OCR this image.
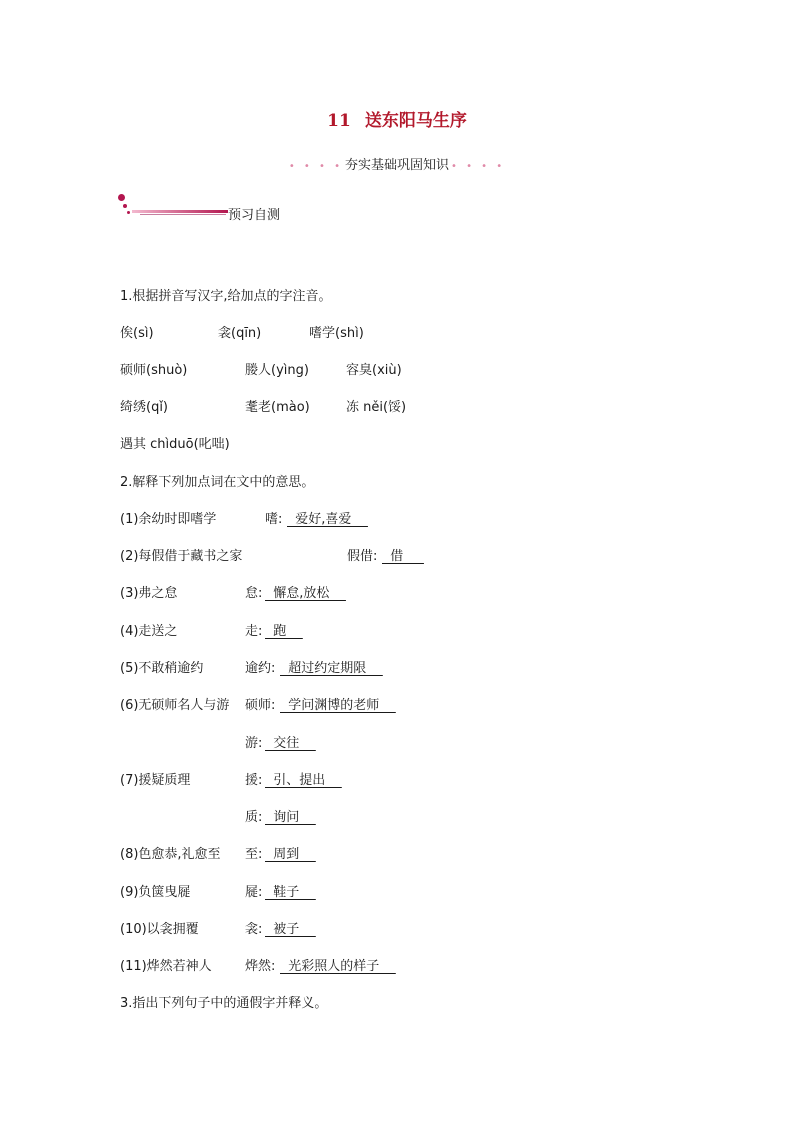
11 送东阳马生序
• • • • 夯实基础巩固知识 • • • •
预习自测
1.根据拼音写汉字,给加点的字注音。
俟(sì)	衾(qīn)	嗜学(shì)
硕师(shuò)	媵人(yìng)	容臭(xiù)
绮绣(qǐ)	耄老(mào)	冻 něi(馁)
遇其 chìduō(叱咄)
2.解释下列加点词在文中的意思。
(1)余幼时即嗜学	嗜: 爱好,喜爱
(2)每假借于藏书之家	假借: 借
(3)弗之怠	怠: 懈怠,放松
(4)走送之	走: 跑
(5)不敢稍逾约	逾约: 超过约定期限
(6)无硕师名人与游 硕师: 学问渊博的老师
游: 交往
(7)援疑质理	援: 引、提出
质: 询问
(8)色愈恭,礼愈至 至: 周到
(9)负箧曳屣	屣: 鞋子
(10)以衾拥覆	衾: 被子
(11)烨然若神人	烨然: 光彩照人的样子
3.指出下列句子中的通假字并释义。
